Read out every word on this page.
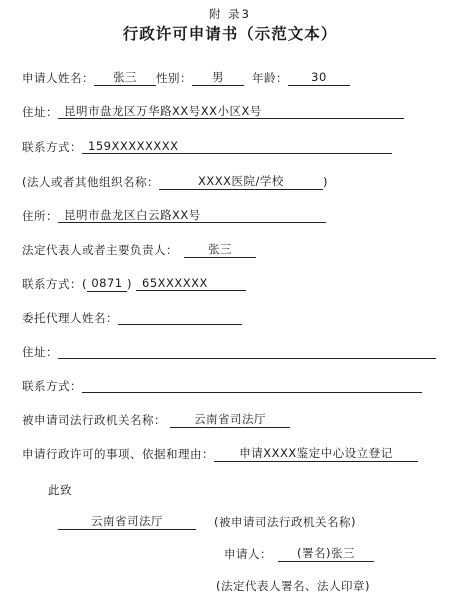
附 录3
行政许可申请书（示范文本）
申请人姓名： 张三 性别： 男 年龄： 30
住址： 昆明市盘龙区万华路XX号XX小区X号
联系方式： 159XXXXXXXX
(法人或者其他组织名称：	XXXX医院/学校	)
住所： 昆明市盘龙区白云路XX号
法定代表人或者主要负责人：	张三
联系方式：( 0871 ) 65XXXXXX
委托代理人姓名：
住址：
联系方式：
被申请司法行政机关名称： 云南省司法厅
申请行政许可的事项、依据和理由： 申请XXXX鉴定中心设立登记
此致
云南省司法厅	(被申请司法行政机关名称)
申请人： (署名)张三
(法定代表人署名、法人印章)
